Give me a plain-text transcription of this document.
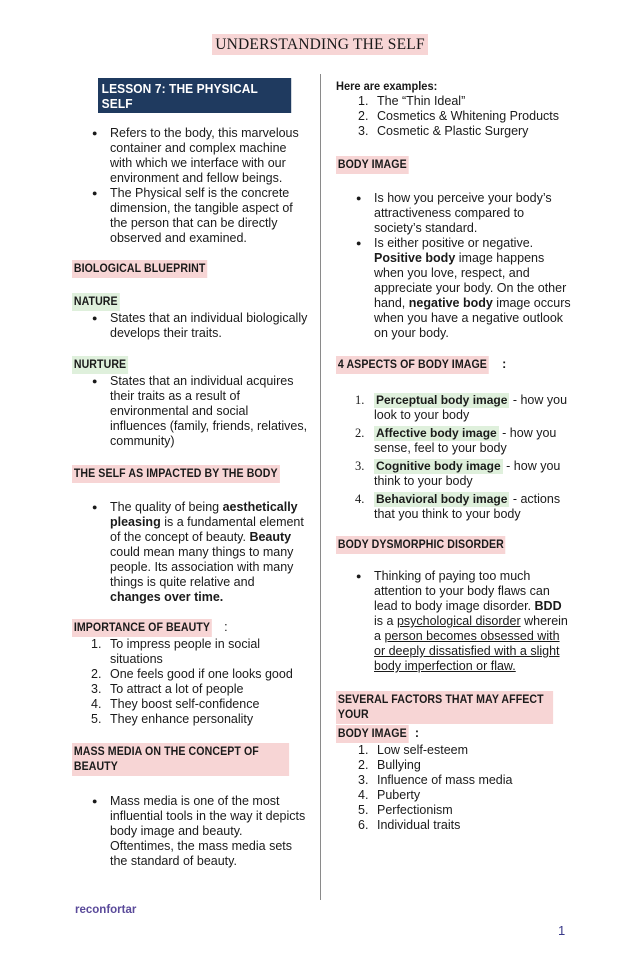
UNDERSTANDING THE SELF
LESSON 7: THE PHYSICAL SELF
● Refers to the body, this marvelous container and complex machine with which we interface with our environment and fellow beings.
● The Physical self is the concrete dimension, the tangible aspect of the person that can be directly observed and examined.
BIOLOGICAL BLUEPRINT
NATURE
● States that an individual biologically develops their traits.
NURTURE
● States that an individual acquires their traits as a result of environmental and social influences (family, friends, relatives, community)
THE SELF AS IMPACTED BY THE BODY
● The quality of being aesthetically pleasing is a fundamental element of the concept of beauty. Beauty could mean many things to many people. Its association with many things is quite relative and changes over time.
IMPORTANCE OF BEAUTY :
1. To impress people in social situations
2. One feels good if one looks good
3. To attract a lot of people
4. They boost self-confidence
5. They enhance personality
MASS MEDIA ON THE CONCEPT OF BEAUTY
● Mass media is one of the most influential tools in the way it depicts body image and beauty. Oftentimes, the mass media sets the standard of beauty.
Here are examples:
1. The “Thin Ideal”
2. Cosmetics & Whitening Products
3. Cosmetic & Plastic Surgery
BODY IMAGE
● Is how you perceive your body’s attractiveness compared to society’s standard.
● Is either positive or negative. Positive body image happens when you love, respect, and appreciate your body. On the other hand, negative body image occurs when you have a negative outlook on your body.
4 ASPECTS OF BODY IMAGE :
1. Perceptual body image - how you look to your body
2. Affective body image - how you sense, feel to your body
3. Cognitive body image - how you think to your body
4. Behavioral body image - actions that you think to your body
BODY DYSMORPHIC DISORDER
● Thinking of paying too much attention to your body flaws can lead to body image disorder. BDD is a psychological disorder wherein a person becomes obsessed with or deeply dissatisfied with a slight body imperfection or flaw.
SEVERAL FACTORS THAT MAY AFFECT YOUR
BODY IMAGE :
1. Low self-esteem
2. Bullying
3. Influence of mass media
4. Puberty
5. Perfectionism
6. Individual traits
reconfortar
1
